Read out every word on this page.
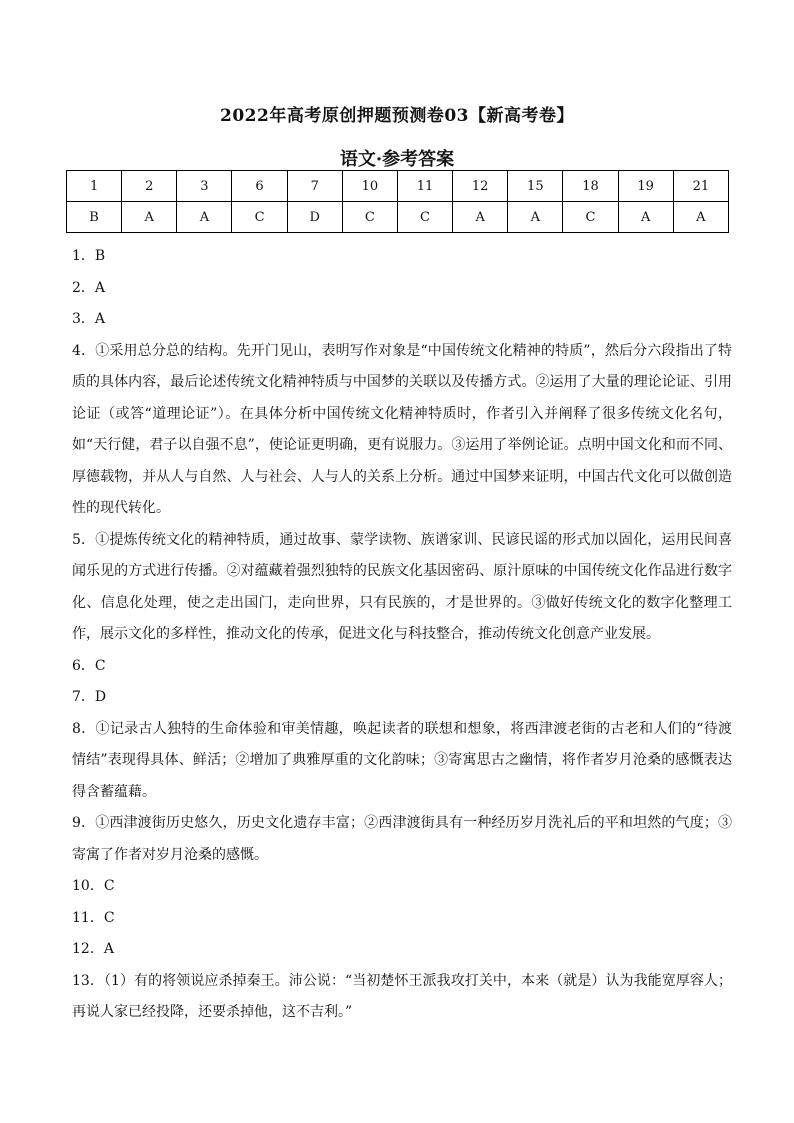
2022年高考原创押题预测卷03【新高考卷】
语文·参考答案
1	2	3	6	7	10	11	12	15	18	19	21
B	A	A	C	D	C	C	A	A	C	A	A

1．B

2．A

3．A

4．①采用总分总的结构。先开门见山，表明写作对象是“中国传统文化精神的特质”，然后分六段指出了特质的具体内容，最后论述传统文化精神特质与中国梦的关联以及传播方式。②运用了大量的理论论证、引用论证（或答“道理论证”）。在具体分析中国传统文化精神特质时，作者引入并阐释了很多传统文化名句，如“天行健，君子以自强不息”，使论证更明确，更有说服力。③运用了举例论证。点明中国文化和而不同、厚德载物，并从人与自然、人与社会、人与人的关系上分析。通过中国梦来证明，中国古代文化可以做创造性的现代转化。

5．①提炼传统文化的精神特质，通过故事、蒙学读物、族谱家训、民谚民谣的形式加以固化，运用民间喜闻乐见的方式进行传播。②对蕴藏着强烈独特的民族文化基因密码、原汁原味的中国传统文化作品进行数字化、信息化处理，使之走出国门，走向世界，只有民族的，才是世界的。③做好传统文化的数字化整理工作，展示文化的多样性，推动文化的传承，促进文化与科技整合，推动传统文化创意产业发展。

6．C

7．D

8．①记录古人独特的生命体验和审美情趣，唤起读者的联想和想象，将西津渡老街的古老和人们的“待渡情结”表现得具体、鲜活；②增加了典雅厚重的文化韵味；③寄寓思古之幽情，将作者岁月沧桑的感慨表达得含蓄蕴藉。

9．①西津渡街历史悠久，历史文化遗存丰富；②西津渡街具有一种经历岁月洗礼后的平和坦然的气度；③寄寓了作者对岁月沧桑的感慨。

10．C

11．C

12．A

13．（1）有的将领说应杀掉秦王。沛公说：“当初楚怀王派我攻打关中，本来（就是）认为我能宽厚容人；再说人家已经投降，还要杀掉他，这不吉利。”
